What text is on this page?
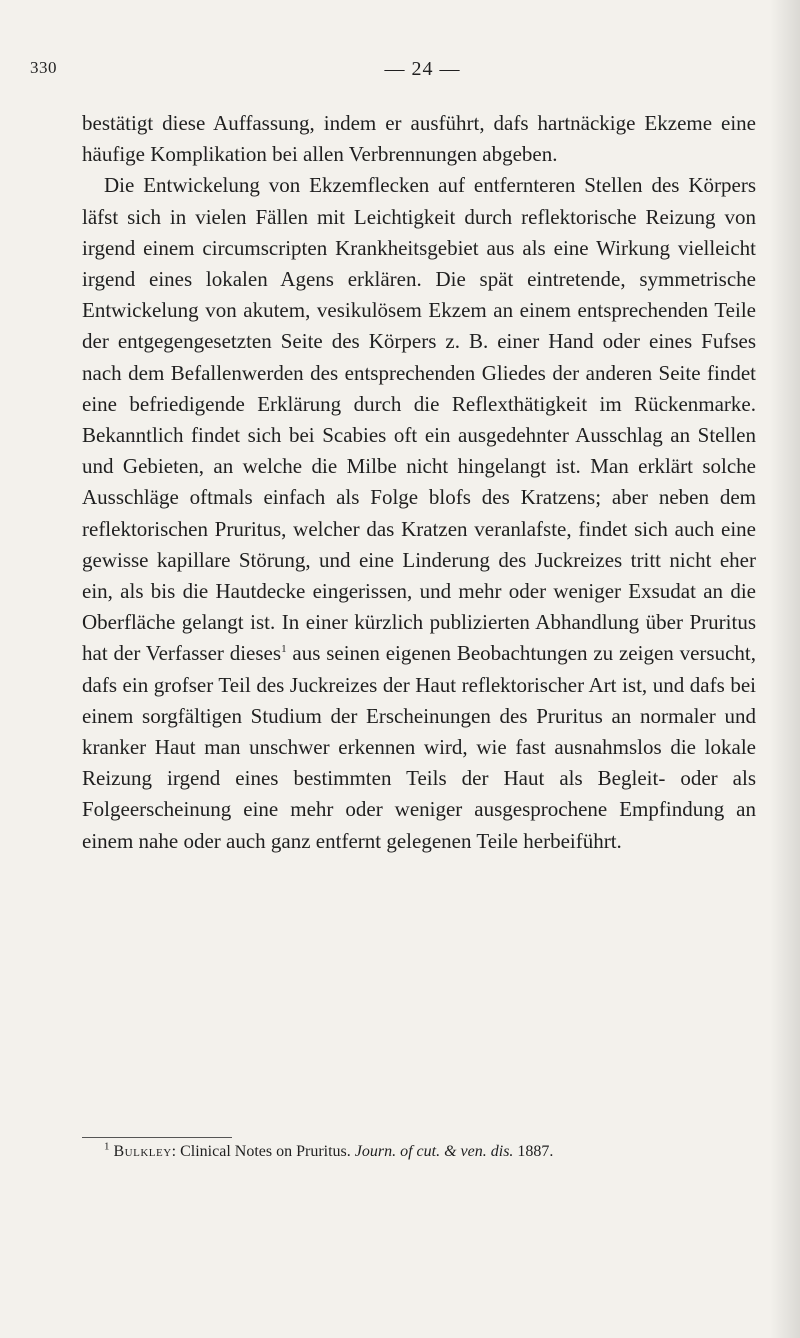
330	— 24 —

bestätigt diese Auffassung, indem er ausführt, dafs hartnäckige Ekzeme eine häufige Komplikation bei allen Verbrennungen abgeben.

Die Entwickelung von Ekzemflecken auf entfernteren Stellen des Körpers läfst sich in vielen Fällen mit Leichtigkeit durch reflektorische Reizung von irgend einem circumscripten Krankheitsgebiet aus als eine Wirkung vielleicht irgend eines lokalen Agens erklären. Die spät eintretende, symmetrische Entwickelung von akutem, vesikulösem Ekzem an einem entsprechenden Teile der entgegengesetzten Seite des Körpers z. B. einer Hand oder eines Fufses nach dem Befallenwerden des entsprechenden Gliedes der anderen Seite findet eine befriedigende Erklärung durch die Reflexthätigkeit im Rückenmarke. Bekanntlich findet sich bei Scabies oft ein ausgedehnter Ausschlag an Stellen und Gebieten, an welche die Milbe nicht hingelangt ist. Man erklärt solche Ausschläge oftmals einfach als Folge blofs des Kratzens; aber neben dem reflektorischen Pruritus, welcher das Kratzen veranlafste, findet sich auch eine gewisse kapillare Störung, und eine Linderung des Juckreizes tritt nicht eher ein, als bis die Hautdecke eingerissen, und mehr oder weniger Exsudat an die Oberfläche gelangt ist. In einer kürzlich publizierten Abhandlung über Pruritus hat der Verfasser dieses$^1$ aus seinen eigenen Beobachtungen zu zeigen versucht, dafs ein grofser Teil des Juckreizes der Haut reflektorischer Art ist, und dafs bei einem sorgfältigen Studium der Erscheinungen des Pruritus an normaler und kranker Haut man unschwer erkennen wird, wie fast ausnahmslos die lokale Reizung irgend eines bestimmten Teils der Haut als Begleit- oder als Folgeerscheinung eine mehr oder weniger ausgesprochene Empfindung an einem nahe oder auch ganz entfernt gelegenen Teile herbeiführt.

$^1$ Bulkley: Clinical Notes on Pruritus. Journ. of cut. & ven. dis. 1887.
